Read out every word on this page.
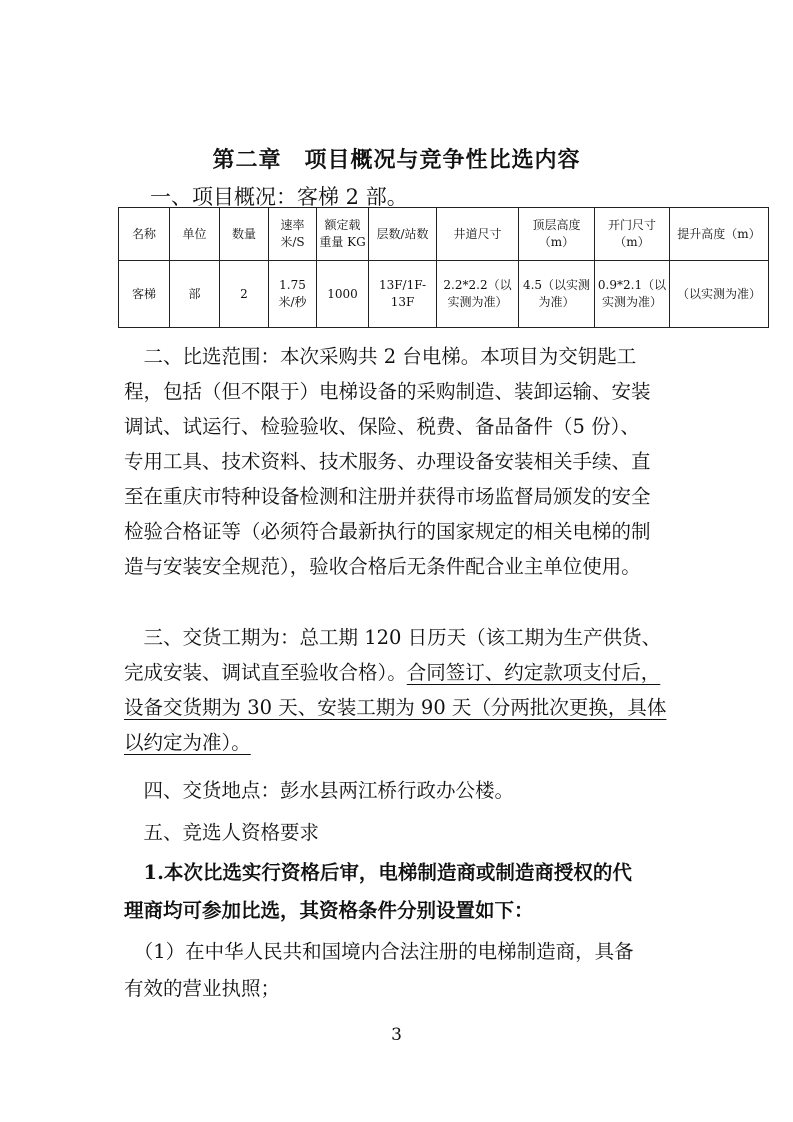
第二章　项目概况与竞争性比选内容
一、项目概况：客梯 2 部。
名称	单位	数量	速率米/S	额定载重量 KG	层数/站数	井道尺寸	顶层高度（m）	开门尺寸（m）	提升高度（m）
客梯	部	2	1.75 米/秒	1000	13F/1F-13F	2.2*2.2（以实测为准）	4.5（以实测为准）	0.9*2.1（以实测为准）	（以实测为准）

　二、比选范围：本次采购共 2 台电梯。本项目为交钥匙工

程，包括（但不限于）电梯设备的采购制造、装卸运输、安装

调试、试运行、检验验收、保险、税费、备品备件（5 份）、

专用工具、技术资料、技术服务、办理设备安装相关手续、直

至在重庆市特种设备检测和注册并获得市场监督局颁发的安全

检验合格证等（必须符合最新执行的国家规定的相关电梯的制

造与安装安全规范），验收合格后无条件配合业主单位使用。

　三、交货工期为：总工期 120 日历天（该工期为生产供货、

完成安装、调试直至验收合格）。合同签订、约定款项支付后，

设备交货期为 30 天、安装工期为 90 天（分两批次更换，具体

以约定为准）。

　四、交货地点：彭水县两江桥行政办公楼。

　五、竞选人资格要求

　1.本次比选实行资格后审，电梯制造商或制造商授权的代

理商均可参加比选，其资格条件分别设置如下：

　（1）在中华人民共和国境内合法注册的电梯制造商，具备

有效的营业执照；

3
